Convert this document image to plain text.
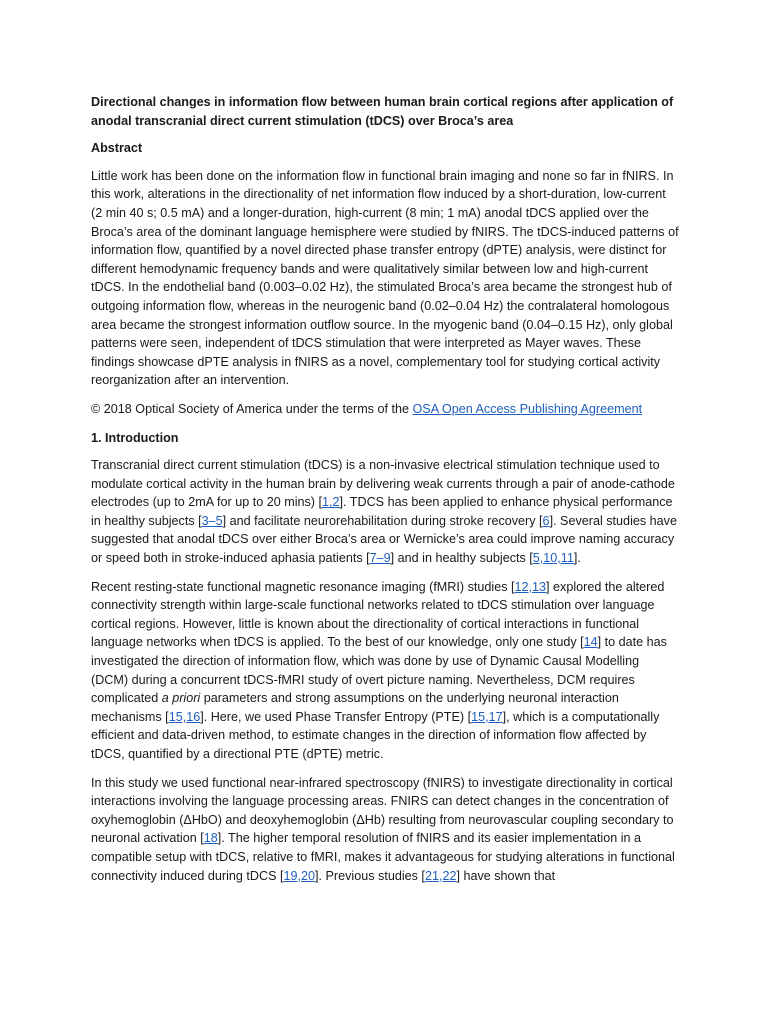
Directional changes in information flow between human brain cortical regions after application of anodal transcranial direct current stimulation (tDCS) over Broca’s area
Abstract

Little work has been done on the information flow in functional brain imaging and none so far in fNIRS. In this work, alterations in the directionality of net information flow induced by a short-duration, low-current (2 min 40 s; 0.5 mA) and a longer-duration, high-current (8 min; 1 mA) anodal tDCS applied over the Broca’s area of the dominant language hemisphere were studied by fNIRS. The tDCS-induced patterns of information flow, quantified by a novel directed phase transfer entropy (dPTE) analysis, were distinct for different hemodynamic frequency bands and were qualitatively similar between low and high-current tDCS. In the endothelial band (0.003–0.02 Hz), the stimulated Broca’s area became the strongest hub of outgoing information flow, whereas in the neurogenic band (0.02–0.04 Hz) the contralateral homologous area became the strongest information outflow source. In the myogenic band (0.04–0.15 Hz), only global patterns were seen, independent of tDCS stimulation that were interpreted as Mayer waves. These findings showcase dPTE analysis in fNIRS as a novel, complementary tool for studying cortical activity reorganization after an intervention.

© 2018 Optical Society of America under the terms of the OSA Open Access Publishing Agreement

1. Introduction

Transcranial direct current stimulation (tDCS) is a non-invasive electrical stimulation technique used to modulate cortical activity in the human brain by delivering weak currents through a pair of anode-cathode electrodes (up to 2mA for up to 20 mins) [1,2]. TDCS has been applied to enhance physical performance in healthy subjects [3–5] and facilitate neurorehabilitation during stroke recovery [6]. Several studies have suggested that anodal tDCS over either Broca’s area or Wernicke’s area could improve naming accuracy or speed both in stroke-induced aphasia patients [7–9] and in healthy subjects [5,10,11].

Recent resting-state functional magnetic resonance imaging (fMRI) studies [12,13] explored the altered connectivity strength within large-scale functional networks related to tDCS stimulation over language cortical regions. However, little is known about the directionality of cortical interactions in functional language networks when tDCS is applied. To the best of our knowledge, only one study [14] to date has investigated the direction of information flow, which was done by use of Dynamic Causal Modelling (DCM) during a concurrent tDCS-fMRI study of overt picture naming. Nevertheless, DCM requires complicated a priori parameters and strong assumptions on the underlying neuronal interaction mechanisms [15,16]. Here, we used Phase Transfer Entropy (PTE) [15,17], which is a computationally efficient and data-driven method, to estimate changes in the direction of information flow affected by tDCS, quantified by a directional PTE (dPTE) metric.

In this study we used functional near-infrared spectroscopy (fNIRS) to investigate directionality in cortical interactions involving the language processing areas. FNIRS can detect changes in the concentration of oxyhemoglobin (ΔHbO) and deoxyhemoglobin (ΔHb) resulting from neurovascular coupling secondary to neuronal activation [18]. The higher temporal resolution of fNIRS and its easier implementation in a compatible setup with tDCS, relative to fMRI, makes it advantageous for studying alterations in functional connectivity induced during tDCS [19,20]. Previous studies [21,22] have shown that
